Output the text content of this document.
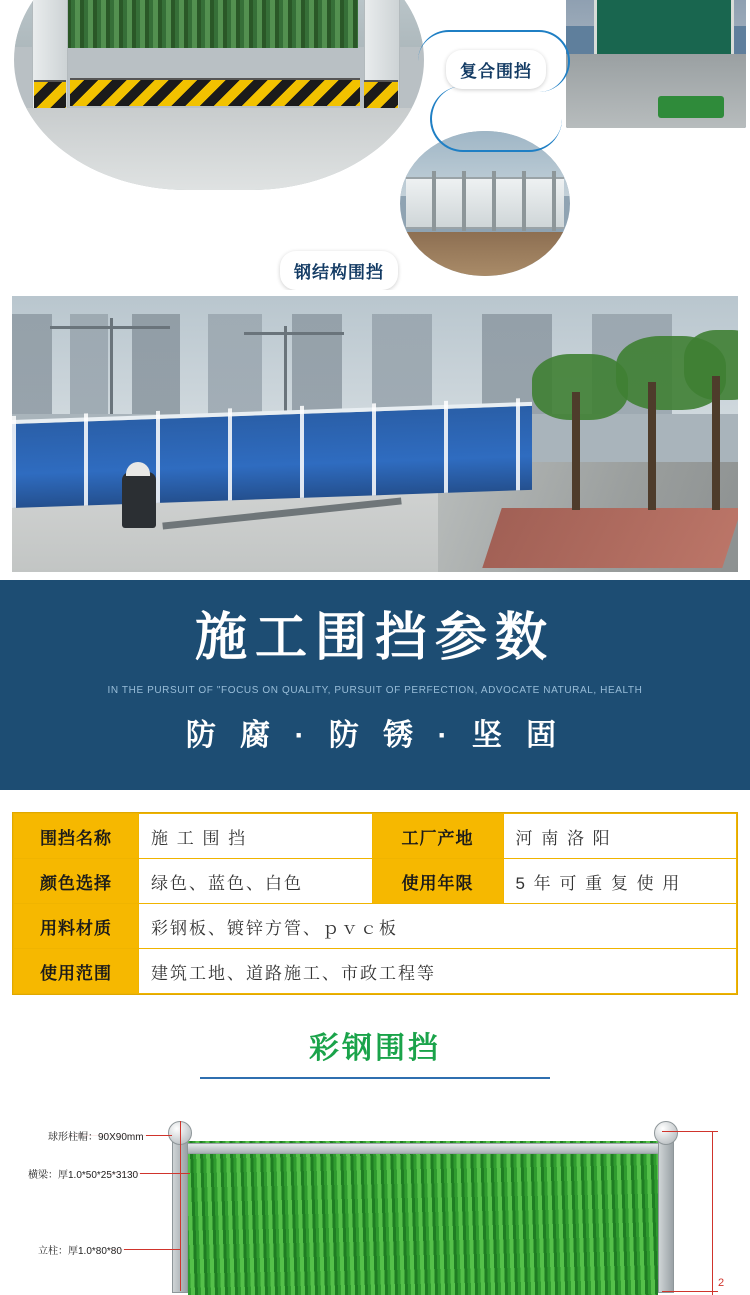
复合围挡
钢结构围挡
施工围挡参数
IN THE PURSUIT OF "FOCUS ON QUALITY, PURSUIT OF PERFECTION, ADVOCATE NATURAL, HEALTH
防 腐 · 防 锈 · 坚 固
围挡名称	施 工 围 挡	工厂产地	河 南 洛 阳
颜色选择	绿色、蓝色、白色	使用年限	5 年 可 重 复 使 用
用料材质	彩钢板、镀锌方管、ｐｖｃ板		
使用范围	建筑工地、道路施工、市政工程等		
彩钢围挡
球形柱帽：90X90mm
横梁：厚1.0*50*25*3130
立柱：厚1.0*80*80
2
